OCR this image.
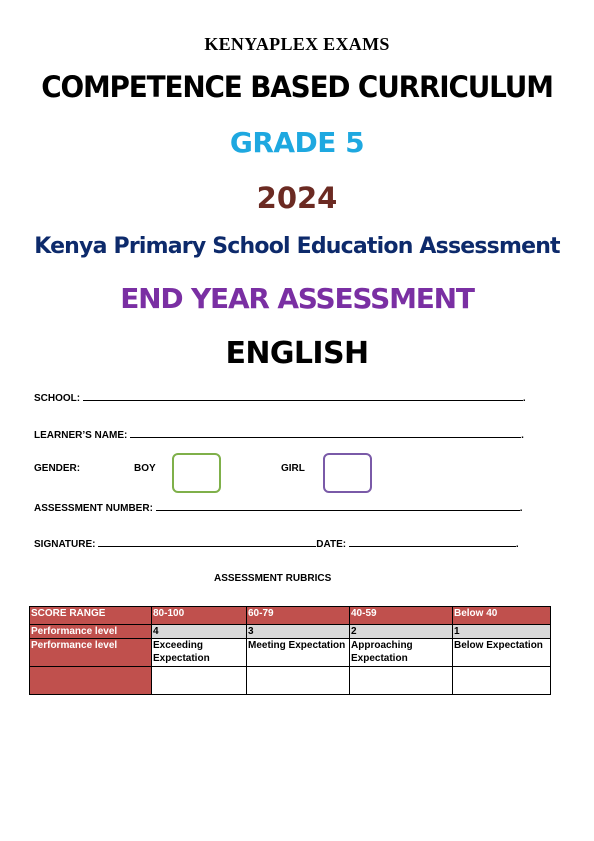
KENYAPLEX EXAMS
COMPETENCE BASED CURRICULUM
GRADE 5
2024
Kenya Primary School Education Assessment
END YEAR ASSESSMENT
ENGLISH
SCHOOL:	.
LEARNER’S NAME:	.
GENDER:	BOY	GIRL
ASSESSMENT NUMBER:	.
SIGNATURE:	DATE:	.
ASSESSMENT RUBRICS
SCORE RANGE	80-100	60-79	40-59	Below 40
Performance level	4	3	2	1
Performance level	Exceeding Expectation	Meeting Expectation	Approaching Expectation	Below Expectation
